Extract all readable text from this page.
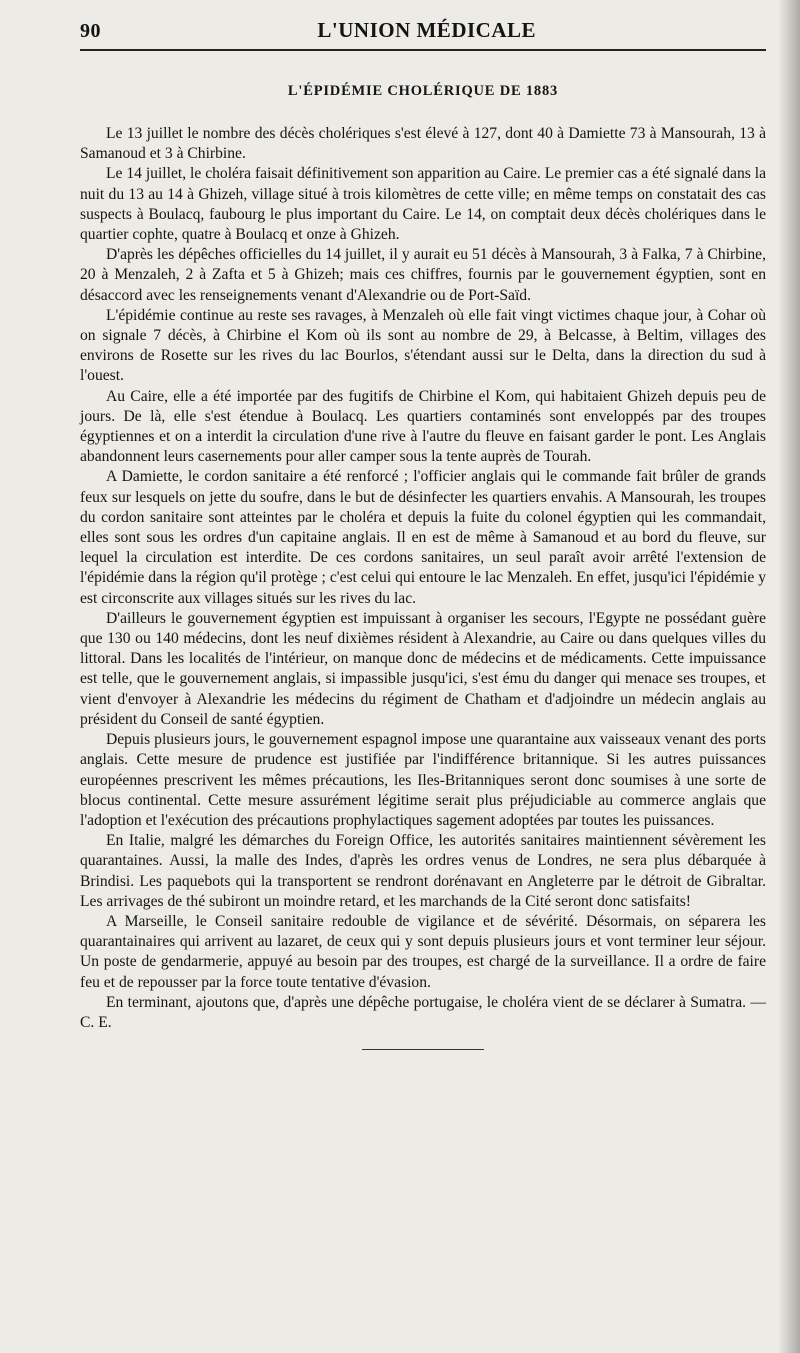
90	L'UNION MÉDICALE
L'ÉPIDÉMIE CHOLÉRIQUE DE 1883

Le 13 juillet le nombre des décès cholériques s'est élevé à 127, dont 40 à Damiette 73 à Mansourah, 13 à Samanoud et 3 à Chirbine.

Le 14 juillet, le choléra faisait définitivement son apparition au Caire. Le premier cas a été signalé dans la nuit du 13 au 14 à Ghizeh, village situé à trois kilomètres de cette ville; en même temps on constatait des cas suspects à Boulacq, faubourg le plus important du Caire. Le 14, on comptait deux décès cholériques dans le quartier cophte, quatre à Boulacq et onze à Ghizeh.

D'après les dépêches officielles du 14 juillet, il y aurait eu 51 décès à Mansourah, 3 à Falka, 7 à Chirbine, 20 à Menzaleh, 2 à Zafta et 5 à Ghizeh; mais ces chiffres, fournis par le gouvernement égyptien, sont en désaccord avec les renseignements venant d'Alexandrie ou de Port-Saïd.

L'épidémie continue au reste ses ravages, à Menzaleh où elle fait vingt victimes chaque jour, à Cohar où on signale 7 décès, à Chirbine el Kom où ils sont au nombre de 29, à Belcasse, à Beltim, villages des environs de Rosette sur les rives du lac Bourlos, s'étendant aussi sur le Delta, dans la direction du sud à l'ouest.

Au Caire, elle a été importée par des fugitifs de Chirbine el Kom, qui habitaient Ghizeh depuis peu de jours. De là, elle s'est étendue à Boulacq. Les quartiers contaminés sont enveloppés par des troupes égyptiennes et on a interdit la circulation d'une rive à l'autre du fleuve en faisant garder le pont. Les Anglais abandonnent leurs casernements pour aller camper sous la tente auprès de Tourah.

A Damiette, le cordon sanitaire a été renforcé ; l'officier anglais qui le commande fait brûler de grands feux sur lesquels on jette du soufre, dans le but de désinfecter les quartiers envahis. A Mansourah, les troupes du cordon sanitaire sont atteintes par le choléra et depuis la fuite du colonel égyptien qui les commandait, elles sont sous les ordres d'un capitaine anglais. Il en est de même à Samanoud et au bord du fleuve, sur lequel la circulation est interdite. De ces cordons sanitaires, un seul paraît avoir arrêté l'extension de l'épidémie dans la région qu'il protège ; c'est celui qui entoure le lac Menzaleh. En effet, jusqu'ici l'épidémie y est circonscrite aux villages situés sur les rives du lac.

D'ailleurs le gouvernement égyptien est impuissant à organiser les secours, l'Egypte ne possédant guère que 130 ou 140 médecins, dont les neuf dixièmes résident à Alexandrie, au Caire ou dans quelques villes du littoral. Dans les localités de l'intérieur, on manque donc de médecins et de médicaments. Cette impuissance est telle, que le gouvernement anglais, si impassible jusqu'ici, s'est ému du danger qui menace ses troupes, et vient d'envoyer à Alexandrie les médecins du régiment de Chatham et d'adjoindre un médecin anglais au président du Conseil de santé égyptien.

Depuis plusieurs jours, le gouvernement espagnol impose une quarantaine aux vaisseaux venant des ports anglais. Cette mesure de prudence est justifiée par l'indifférence britannique. Si les autres puissances européennes prescrivent les mêmes précautions, les Iles-Britanniques seront donc soumises à une sorte de blocus continental. Cette mesure assurément légitime serait plus préjudiciable au commerce anglais que l'adoption et l'exécution des précautions prophylactiques sagement adoptées par toutes les puissances.

En Italie, malgré les démarches du Foreign Office, les autorités sanitaires maintiennent sévèrement les quarantaines. Aussi, la malle des Indes, d'après les ordres venus de Londres, ne sera plus débarquée à Brindisi. Les paquebots qui la transportent se rendront dorénavant en Angleterre par le détroit de Gibraltar. Les arrivages de thé subiront un moindre retard, et les marchands de la Cité seront donc satisfaits!

A Marseille, le Conseil sanitaire redouble de vigilance et de sévérité. Désormais, on séparera les quarantainaires qui arrivent au lazaret, de ceux qui y sont depuis plusieurs jours et vont terminer leur séjour. Un poste de gendarmerie, appuyé au besoin par des troupes, est chargé de la surveillance. Il a ordre de faire feu et de repousser par la force toute tentative d'évasion.

En terminant, ajoutons que, d'après une dépêche portugaise, le choléra vient de se déclarer à Sumatra. — C. E.
